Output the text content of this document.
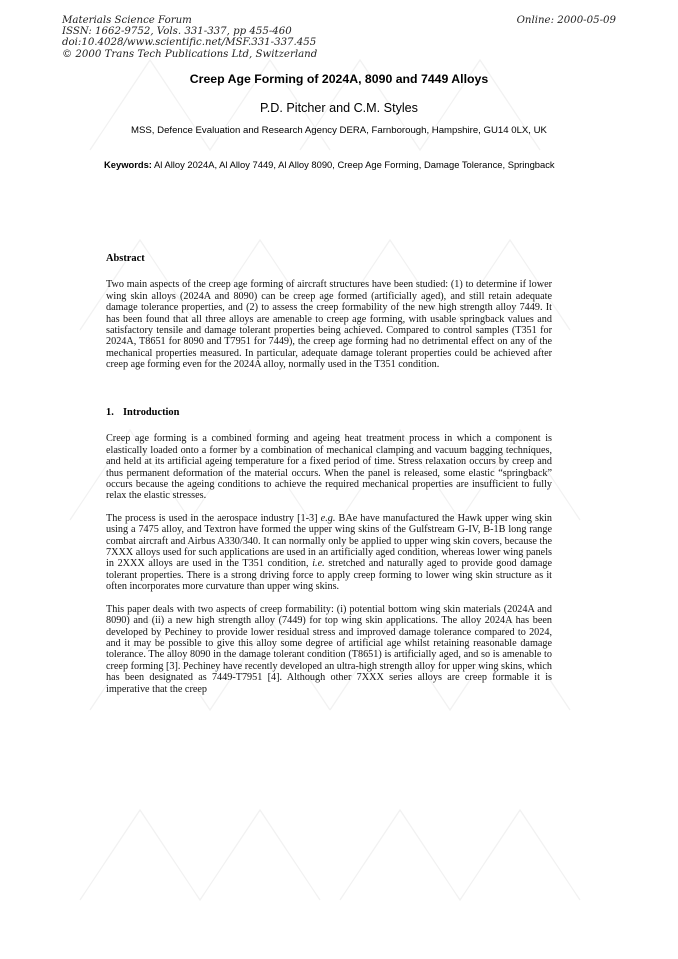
Materials Science Forum
ISSN: 1662-9752, Vols. 331-337, pp 455-460
doi:10.4028/www.scientific.net/MSF.331-337.455
© 2000 Trans Tech Publications Ltd, Switzerland
Online: 2000-05-09
Creep Age Forming of 2024A, 8090 and 7449 Alloys
P.D. Pitcher and C.M. Styles
MSS, Defence Evaluation and Research Agency DERA, Farnborough, Hampshire, GU14 0LX, UK
Keywords: Al Alloy 2024A, Al Alloy 7449, Al Alloy 8090, Creep Age Forming, Damage Tolerance, Springback
Abstract

Two main aspects of the creep age forming of aircraft structures have been studied: (1) to determine if lower wing skin alloys (2024A and 8090) can be creep age formed (artificially aged), and still retain adequate damage tolerance properties, and (2) to assess the creep formability of the new high strength alloy 7449. It has been found that all three alloys are amenable to creep age forming, with usable springback values and satisfactory tensile and damage tolerant properties being achieved. Compared to control samples (T351 for 2024A, T8651 for 8090 and T7951 for 7449), the creep age forming had no detrimental effect on any of the mechanical properties measured. In particular, adequate damage tolerant properties could be achieved after creep age forming even for the 2024A alloy, normally used in the T351 condition.

1. Introduction

Creep age forming is a combined forming and ageing heat treatment process in which a component is elastically loaded onto a former by a combination of mechanical clamping and vacuum bagging techniques, and held at its artificial ageing temperature for a fixed period of time. Stress relaxation occurs by creep and thus permanent deformation of the material occurs. When the panel is released, some elastic “springback” occurs because the ageing conditions to achieve the required mechanical properties are insufficient to fully relax the elastic stresses.

The process is used in the aerospace industry [1-3] e.g. BAe have manufactured the Hawk upper wing skin using a 7475 alloy, and Textron have formed the upper wing skins of the Gulfstream G-IV, B-1B long range combat aircraft and Airbus A330/340. It can normally only be applied to upper wing skin covers, because the 7XXX alloys used for such applications are used in an artificially aged condition, whereas lower wing panels in 2XXX alloys are used in the T351 condition, i.e. stretched and naturally aged to provide good damage tolerant properties. There is a strong driving force to apply creep forming to lower wing skin structure as it often incorporates more curvature than upper wing skins.

This paper deals with two aspects of creep formability: (i) potential bottom wing skin materials (2024A and 8090) and (ii) a new high strength alloy (7449) for top wing skin applications. The alloy 2024A has been developed by Pechiney to provide lower residual stress and improved damage tolerance compared to 2024, and it may be possible to give this alloy some degree of artificial age whilst retaining reasonable damage tolerance. The alloy 8090 in the damage tolerant condition (T8651) is artificially aged, and so is amenable to creep forming [3]. Pechiney have recently developed an ultra-high strength alloy for upper wing skins, which has been designated as 7449-T7951 [4]. Although other 7XXX series alloys are creep formable it is imperative that the creep
